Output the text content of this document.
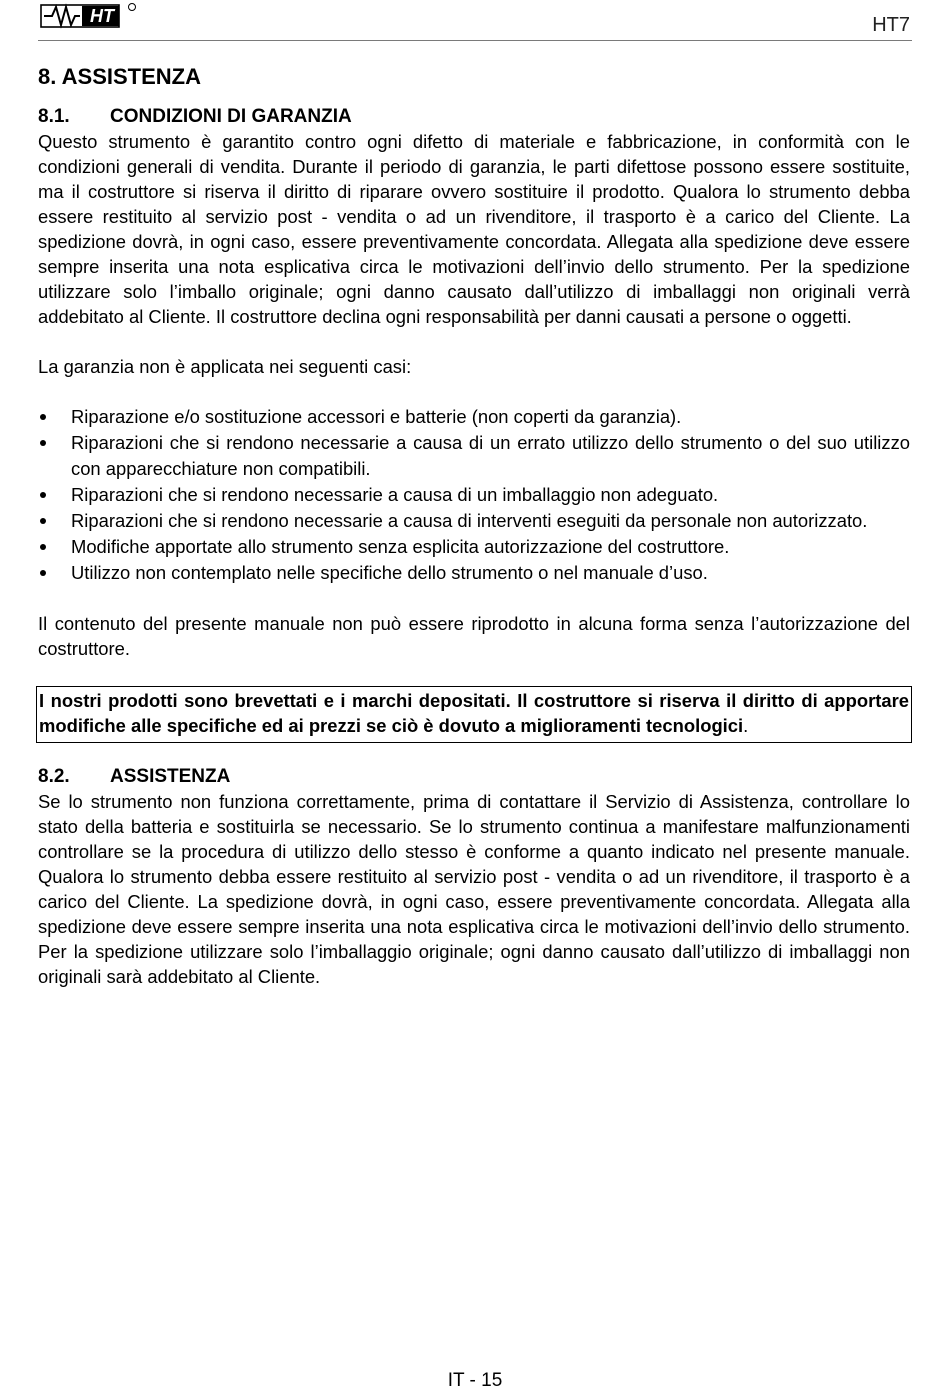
HT	HT7
8. ASSISTENZA
8.1. CONDIZIONI DI GARANZIA

Questo strumento è garantito contro ogni difetto di materiale e fabbricazione, in conformità con le condizioni generali di vendita. Durante il periodo di garanzia, le parti difettose possono essere sostituite, ma il costruttore si riserva il diritto di riparare ovvero sostituire il prodotto. Qualora lo strumento debba essere restituito al servizio post - vendita o ad un rivenditore, il trasporto è a carico del Cliente. La spedizione dovrà, in ogni caso, essere preventivamente concordata. Allegata alla spedizione deve essere sempre inserita una nota esplicativa circa le motivazioni dell’invio dello strumento. Per la spedizione utilizzare solo l’imballo originale; ogni danno causato dall’utilizzo di imballaggi non originali verrà addebitato al Cliente. Il costruttore declina ogni responsabilità per danni causati a persone o oggetti.

La garanzia non è applicata nei seguenti casi:

Riparazione e/o sostituzione accessori e batterie (non coperti da garanzia).
Riparazioni che si rendono necessarie a causa di un errato utilizzo dello strumento o del suo utilizzo con apparecchiature non compatibili.
Riparazioni che si rendono necessarie a causa di un imballaggio non adeguato.
Riparazioni che si rendono necessarie a causa di interventi eseguiti da personale non autorizzato.
Modifiche apportate allo strumento senza esplicita autorizzazione del costruttore.
Utilizzo non contemplato nelle specifiche dello strumento o nel manuale d’uso.

Il contenuto del presente manuale non può essere riprodotto in alcuna forma senza l’autorizzazione del costruttore.

I nostri prodotti sono brevettati e i marchi depositati. Il costruttore si riserva il diritto di apportare modifiche alle specifiche ed ai prezzi se ciò è dovuto a miglioramenti tecnologici.
8.2. ASSISTENZA

Se lo strumento non funziona correttamente, prima di contattare il Servizio di Assistenza, controllare lo stato della batteria e sostituirla se necessario. Se lo strumento continua a manifestare malfunzionamenti controllare se la procedura di utilizzo dello stesso è conforme a quanto indicato nel presente manuale. Qualora lo strumento debba essere restituito al servizio post - vendita o ad un rivenditore, il trasporto è a carico del Cliente. La spedizione dovrà, in ogni caso, essere preventivamente concordata. Allegata alla spedizione deve essere sempre inserita una nota esplicativa circa le motivazioni dell’invio dello strumento. Per la spedizione utilizzare solo l’imballaggio originale; ogni danno causato dall’utilizzo di imballaggi non originali sarà addebitato al Cliente.

IT - 15
